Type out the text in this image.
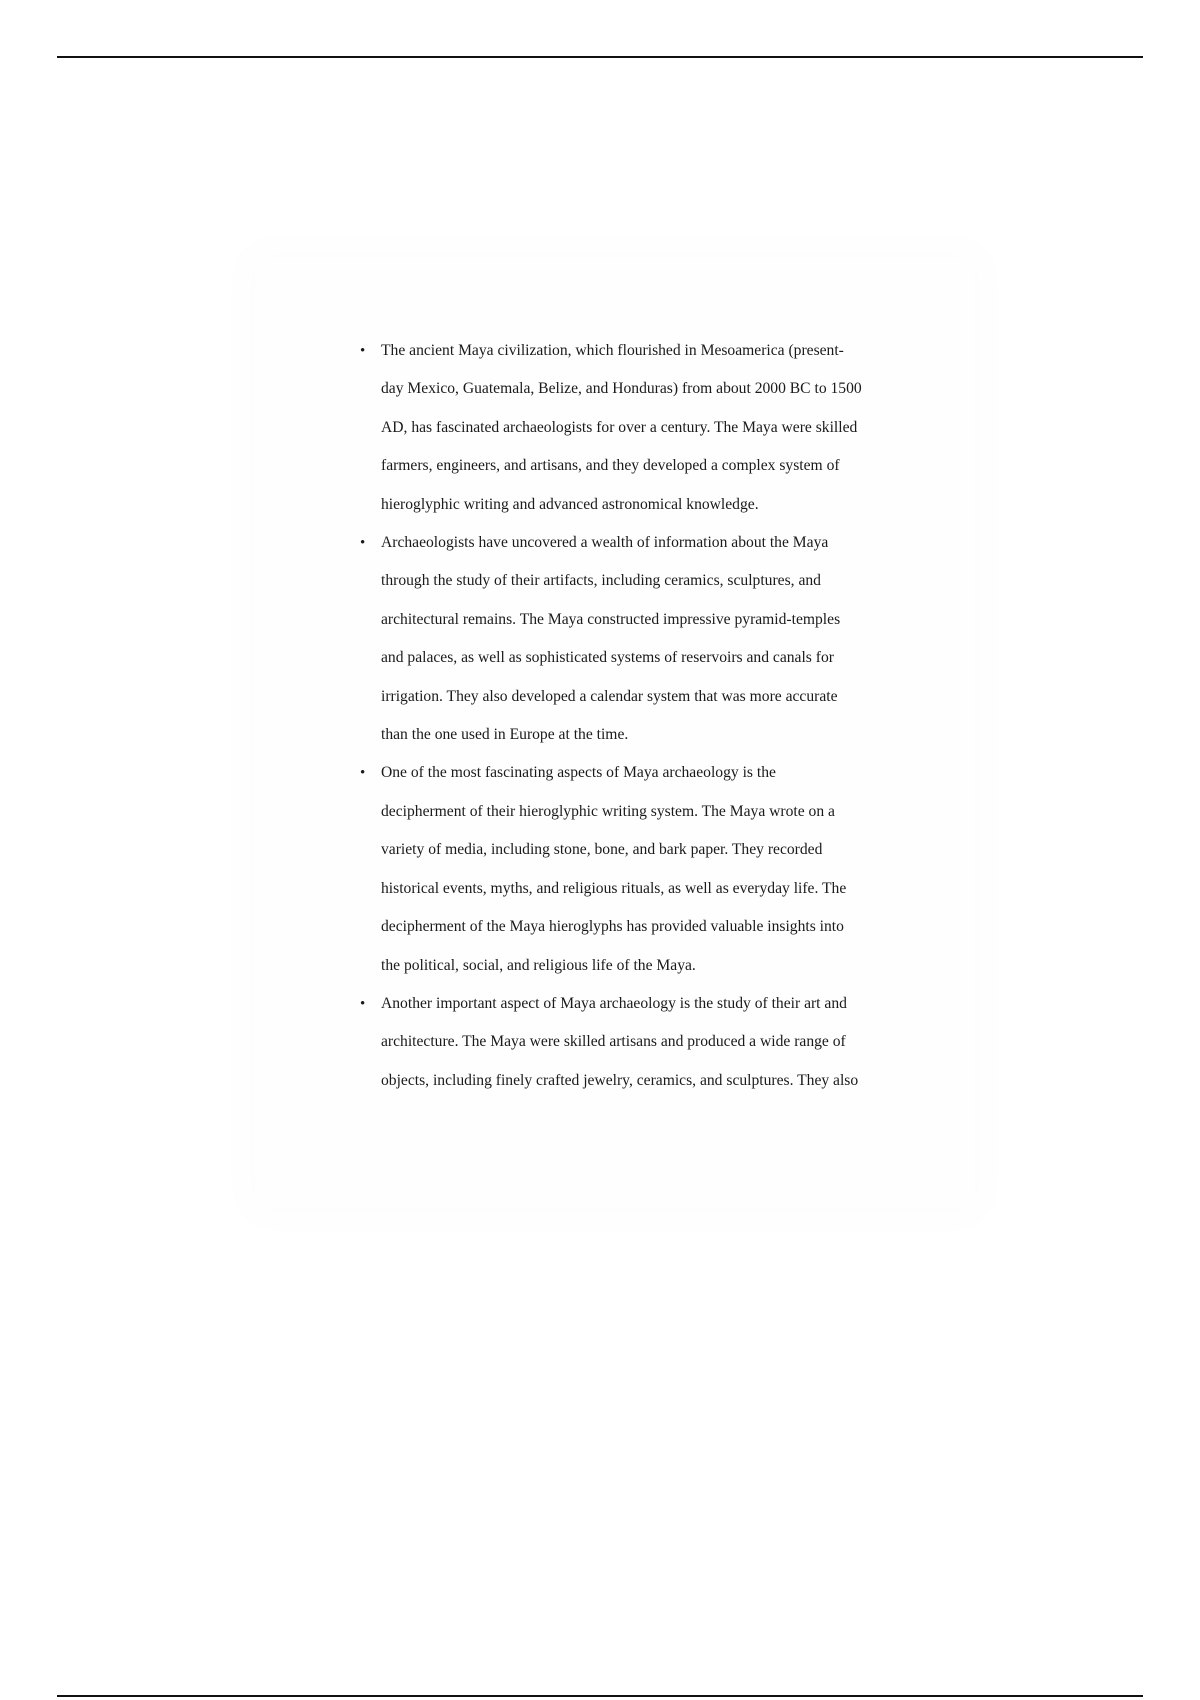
• The ancient Maya civilization, which flourished in Mesoamerica (present-
day Mexico, Guatemala, Belize, and Honduras) from about 2000 BC to 1500
AD, has fascinated archaeologists for over a century. The Maya were skilled
farmers, engineers, and artisans, and they developed a complex system of
hieroglyphic writing and advanced astronomical knowledge.
• Archaeologists have uncovered a wealth of information about the Maya
through the study of their artifacts, including ceramics, sculptures, and
architectural remains. The Maya constructed impressive pyramid-temples
and palaces, as well as sophisticated systems of reservoirs and canals for
irrigation. They also developed a calendar system that was more accurate
than the one used in Europe at the time.
• One of the most fascinating aspects of Maya archaeology is the
decipherment of their hieroglyphic writing system. The Maya wrote on a
variety of media, including stone, bone, and bark paper. They recorded
historical events, myths, and religious rituals, as well as everyday life. The
decipherment of the Maya hieroglyphs has provided valuable insights into
the political, social, and religious life of the Maya.
• Another important aspect of Maya archaeology is the study of their art and
architecture. The Maya were skilled artisans and produced a wide range of
objects, including finely crafted jewelry, ceramics, and sculptures. They also
